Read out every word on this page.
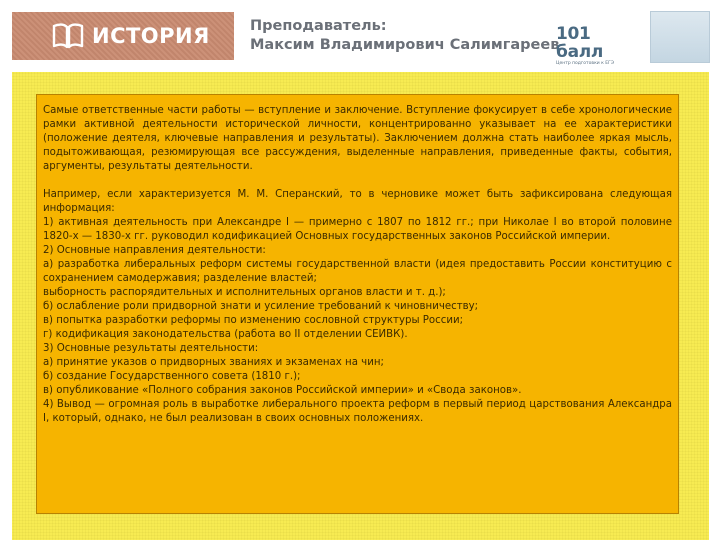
ИСТОРИЯ	Преподаватель:
Максим Владимирович Салимгареев
101 балл
Центр подготовки к ЕГЭ

Самые ответственные части работы — вступление и заключение. Вступление фокусирует в себе хронологические рамки активной деятельности исторической личности, концентрированно указывает на ее характеристики (положение деятеля, ключевые направления и результаты). Заключением должна стать наиболее яркая мысль, подытоживающая, резюмирующая все рассуждения, выделенные направления, приведенные факты, события, аргументы, результаты деятельности.

Например, если характеризуется М. М. Сперанский, то в черновике может быть зафиксирована следующая информация:

1) активная деятельность при Александре I — примерно с 1807 по 1812 гг.; при Николае I во второй половине 1820-х — 1830-х гг. руководил кодификацией Основных государственных законов Российской империи.
2) Основные направления деятельности:
а) разработка либеральных реформ системы государственной власти (идея предоставить России конституцию с сохранением самодержавия; разделение властей;
выборность распорядительных и исполнительных органов власти и т. д.);
б) ослабление роли придворной знати и усиление требований к чиновничеству;
в) попытка разработки реформы по изменению сословной структуры России;
г) кодификация законодательства (работа во II отделении СЕИВК).
3) Основные результаты деятельности:
а) принятие указов о придворных званиях и экзаменах на чин;
б) создание Государственного совета (1810 г.);
в) опубликование «Полного собрания законов Российской империи» и «Свода законов».
4) Вывод — огромная роль в выработке либерального проекта реформ в первый период царствования Александра I, который, однако, не был реализован в своих основных положениях.
